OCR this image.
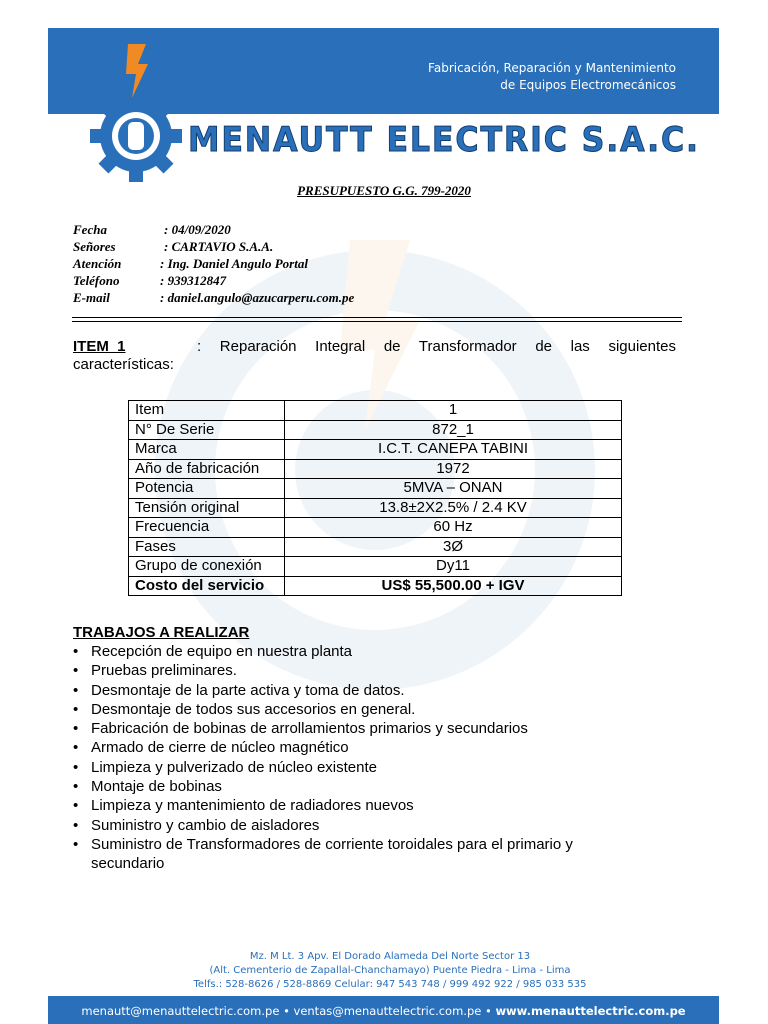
Fabricación, Reparación y Mantenimiento
de Equipos Electromecánicos
MENAUTT ELECTRIC S.A.C.
PRESUPUESTO G.G. 799-2020
Fecha	: 04/09/2020
Señores	: CARTAVIO S.A.A.
Atención	: Ing. Daniel Angulo Portal
Teléfono	: 939312847
E-mail	: daniel.angulo@azucarperu.com.pe
ITEM  1	: Reparación Integral de Transformador de las siguientes características:
Item	1
N° De Serie	872_1
Marca	I.C.T. CANEPA TABINI
Año de fabricación	1972
Potencia	5MVA – ONAN
Tensión original	13.8±2X2.5% / 2.4 KV
Frecuencia	60 Hz
Fases	3Ø
Grupo de conexión	Dy11
Costo del servicio	US$ 55,500.00 + IGV
TRABAJOS A REALIZAR
• Recepción de equipo en nuestra planta
• Pruebas preliminares.
• Desmontaje de la parte activa y toma de datos.
• Desmontaje de todos sus accesorios en general.
• Fabricación de bobinas de arrollamientos primarios y secundarios
• Armado de cierre de núcleo magnético
• Limpieza y pulverizado de núcleo existente
• Montaje de bobinas
• Limpieza y mantenimiento de radiadores nuevos
• Suministro y cambio de aisladores
• Suministro de Transformadores de corriente toroidales para el primario y secundario
Mz. M Lt. 3 Apv. El Dorado Alameda Del Norte Sector 13
(Alt. Cementerio de Zapallal-Chanchamayo) Puente Piedra - Lima - Lima
Telfs.: 528-8626 / 528-8869 Celular: 947 543 748 / 999 492 922 / 985 033 535
menautt@menauttelectric.com.pe • ventas@menauttelectric.com.pe • www.menauttelectric.com.pe
